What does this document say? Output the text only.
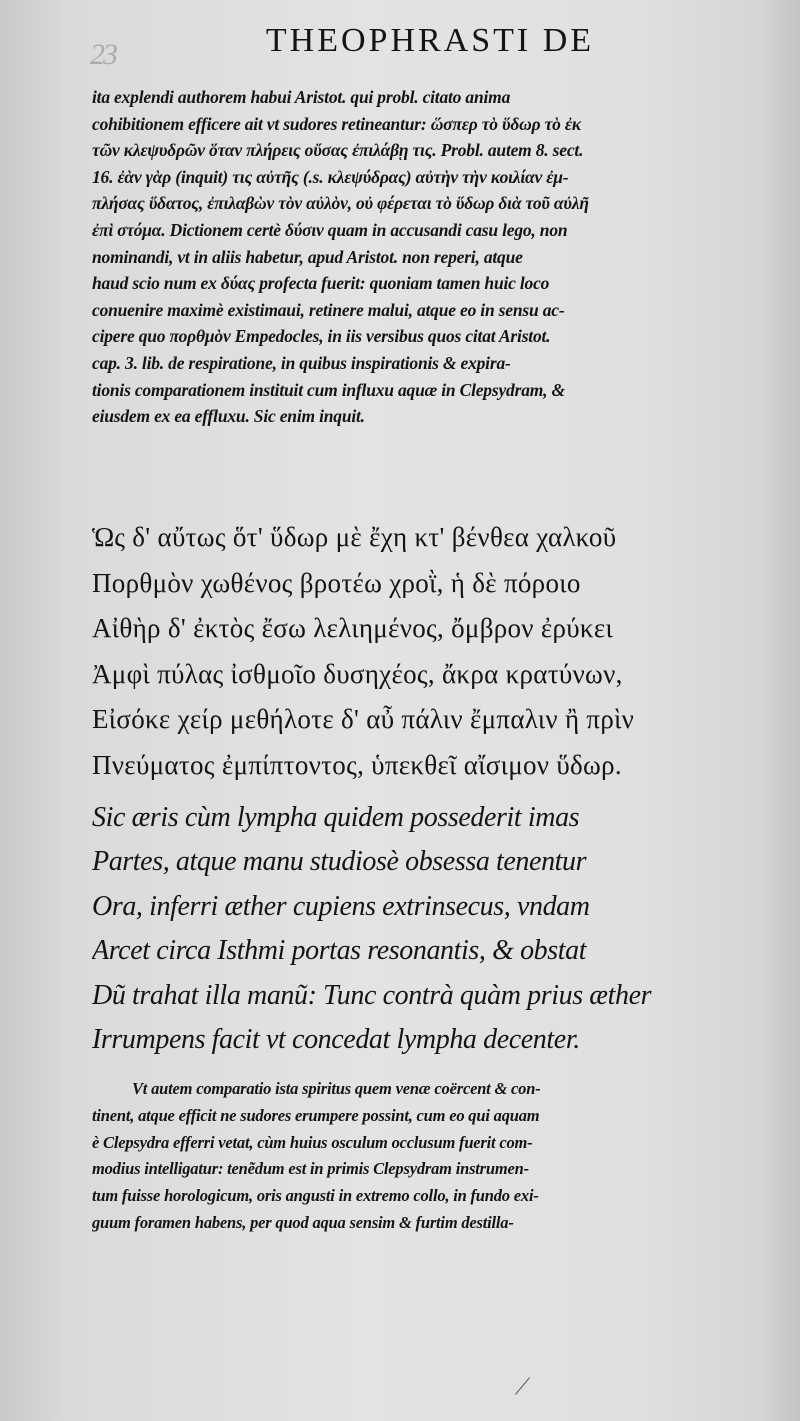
23	THEOPHRASTI DE
ita explendi authorem habui Aristot. qui probl. citato anima
cohibitionem efficere ait vt sudores retineantur: ὥσπερ τὸ ὕδωρ τὸ ἐκ
τῶν κλεψυδρῶν ὅταν πλήρεις οὔσας ἐπιλάβῃ τις. Probl. autem 8. sect.
16. ἐὰν γὰρ (inquit) τις αὐτῆς (.s. κλεψύδρας) αὐτὴν τὴν κοιλίαν ἐμ-
πλήσας ὕδατος, ἐπιλαβὼν τὸν αὐλὸν, οὐ φέρεται τὸ ὕδωρ διὰ τοῦ αὐλῆ
ἐπὶ στόμα. Dictionem certè δύσιν quam in accusandi casu lego, non
nominandi, vt in aliis habetur, apud Aristot. non reperi, atque
haud scio num ex δύας profecta fuerit: quoniam tamen huic loco
conuenire maximè existimaui, retinere malui, atque eo in sensu ac-
cipere quo πορθμὸν Empedocles, in iis versibus quos citat Aristot.
cap. 3. lib. de respiratione, in quibus inspirationis & expira-
tionis comparationem instituit cum influxu aquæ in Clepsydram, &
eiusdem ex ea effluxu. Sic enim inquit.
Ὡς δ' αὔτως ὅτ' ὕδωρ μὲ ἔχη κτ' βένθεα χαλκοῦ
Πορθμὸν χωθένος βροτέω χροῒ, ἡ δὲ πόροιο
Αἰθὴρ δ' ἐκτὸς ἔσω λελιημένος, ὄμβρον ἐρύκει
Ἀμφὶ πύλας ἰσθμοῖο δυσηχέος, ἄκρα κρατύνων,
Εἰσόκε χείρ μεθήλοτε δ' αὖ πάλιν ἔμπαλιν ἢ πρὶν
Πνεύματος ἐμπίπτοντος, ὑπεκθεῖ αἴσιμον ὕδωρ.
Sic æris cùm lympha quidem possederit imas
Partes, atque manu studiosè obsessa tenentur
Ora, inferri æther cupiens extrinsecus, vndam
Arcet circa Isthmi portas resonantis, & obstat
Dũ trahat illa manũ: Tunc contrà quàm prius æther
Irrumpens facit vt concedat lympha decenter.
Vt autem comparatio ista spiritus quem venæ coërcent & con-
tinent, atque efficit ne sudores erumpere possint, cum eo qui aquam
è Clepsydra efferri vetat, cùm huius osculum occlusum fuerit com-
modius intelligatur: tenẽdum est in primis Clepsydram instrumen-
tum fuisse horologicum, oris angusti in extremo collo, in fundo exi-
guum foramen habens, per quod aqua sensim & furtim destilla-
